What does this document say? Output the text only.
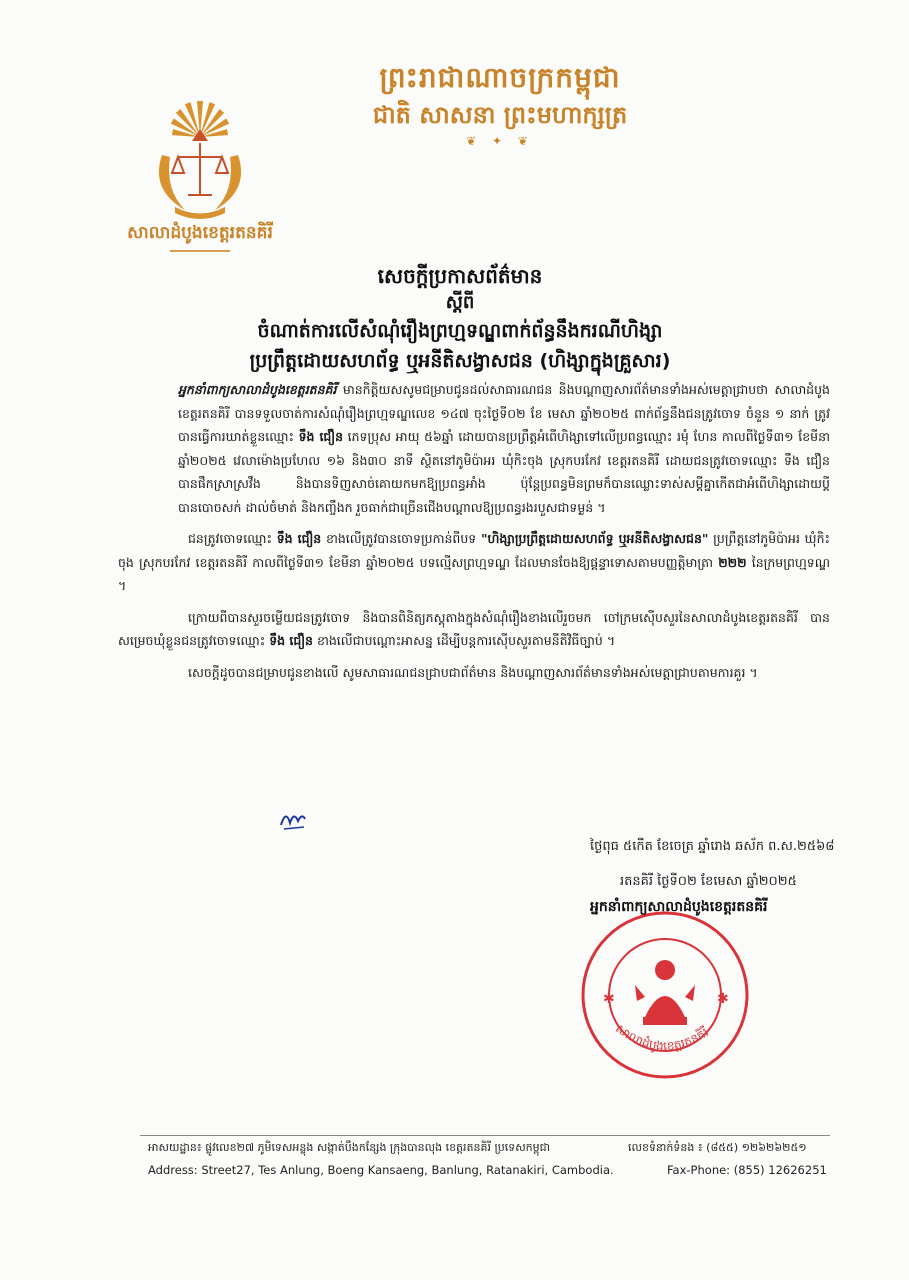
ព្រះរាជាណាចក្រកម្ពុជា
ជាតិ សាសនា ព្រះមហាក្សត្រ
❦ ✦ ❦
សាលាដំបូងខេត្តរតនគិរី
សេចក្តីប្រកាសព័ត៌មាន
ស្តីពី
ចំណាត់ការលើសំណុំរឿងព្រហ្មទណ្ឌពាក់ព័ន្ធនឹងករណីហិង្សា
ប្រព្រឹត្តដោយសហព័ទ្ធ ឬអនីតិសង្វាសជន (ហិង្សាក្នុងគ្រួសារ)

អ្នកនាំពាក្យសាលាដំបូងខេត្តរតនគិរី មានកិត្តិយសសូមជម្រាបជូនដល់សាធារណជន និងបណ្តាញសារព័ត៌មានទាំងអស់មេត្តាជ្រាបថា សាលាដំបូងខេត្តរតនគិរី បានទទួលចាត់ការសំណុំរឿងព្រហ្មទណ្ឌលេខ ១៤៧ ចុះថ្ងៃទី០២ ខែ មេសា ឆ្នាំ២០២៥ ពាក់ព័ន្ធនឹងជនត្រូវចោទ ចំនួន ១ នាក់ ត្រូវបានធ្វើការឃាត់ខ្លួនឈ្មោះ ទឹង ជឿន ភេទប្រុស អាយុ ៥៦ឆ្នាំ ដោយបានប្រព្រឹត្តអំពើហិង្សាទៅលើប្រពន្ធឈ្មោះ រម៉ំ ហែន កាលពីថ្ងៃទី៣១ ខែមីនា ឆ្នាំ២០២៥ វេលាម៉ោងប្រហែល ១៦ និង៣០ នាទី ស្ថិតនៅភូមិប៉ាអរ ឃុំកិះចុង ស្រុកបរកែវ ខេត្តរតនគិរី ដោយជនត្រូវចោទឈ្មោះ ទឹង ជឿន បានផឹកស្រាស្រវឹង និងបានទិញសាច់គោយកមកឱ្យប្រពន្ធអាំង ប៉ុន្តែប្រពន្ធមិនព្រមក៏បានឈ្លោះទាស់សម្តីគ្នាកើតជាអំពើហិង្សាដោយប្តីបានបោចសក់ ដាល់ចំមាត់ និងកញ្ចឹងក រួចធាក់ជាច្រើនជើងបណ្តាលឱ្យប្រពន្ធរងរបួសជាទម្ងន់ ។

ជនត្រូវចោទឈ្មោះ ទឹង ជឿន ខាងលើត្រូវបានចោទប្រកាន់ពីបទ "ហិង្សាប្រព្រឹត្តដោយសហព័ទ្ធ ឬអនីតិសង្វាសជន" ប្រព្រឹត្តនៅភូមិប៉ាអរ ឃុំកិះចុង ស្រុកបរកែវ ខេត្តរតនគិរី កាលពីថ្ងៃទី៣១ ខែមីនា ឆ្នាំ២០២៥ បទល្មើសព្រហ្មទណ្ឌ ដែលមានចែងឱ្យផ្តន្ទាទោសតាមបញ្ញត្តិមាត្រា ២២២ នៃក្រមព្រហ្មទណ្ឌ ។

ក្រោយពីបានសួរចម្លើយជនត្រូវចោទ និងបានពិនិត្យភស្តុតាងក្នុងសំណុំរឿងខាងលើរួចមក ចៅក្រមស៊ើបសួរនៃសាលាដំបូងខេត្តរតនគិរី បានសម្រេចឃុំខ្លួនជនត្រូវចោទឈ្មោះ ទឹង ជឿន ខាងលើជាបណ្តោះអាសន្ន ដើម្បីបន្តការស៊ើបសួរតាមនីតិវិធីច្បាប់ ។

សេចក្តីដូចបានជម្រាបជូនខាងលើ សូមសាធារណជនជ្រាបជាព័ត៌មាន និងបណ្តាញសារព័ត៌មានទាំងអស់មេត្តាជ្រាបតាមការគួរ ។

ថ្ងៃពុធ ៥កើត ខែចេត្រ ឆ្នាំរោង ឆស័ក ព.ស.២៥៦៨
រតនគិរី ថ្ងៃទី០២ ខែមេសា ឆ្នាំ២០២៥
✱	✱
សាលាដំបូងខេត្តរតនគិរី
អ្នកនាំពាក្យសាលាដំបូងខេត្តរតនគិរី
អាសយដ្ឋាន៖ ផ្លូវលេខ២៧ ភូមិទេសអន្លុង សង្កាត់បឹងកន្សែង ក្រុងបានលុង ខេត្តរតនគិរី ប្រទេសកម្ពុជា
Address: Street27, Tes Anlung, Boeng Kansaeng, Banlung, Ratanakiri, Cambodia.
លេខទំនាក់ទំនង ៖ (៨៥៥) ១២៦២៦២៥១
Fax-Phone: (855) 12626251
